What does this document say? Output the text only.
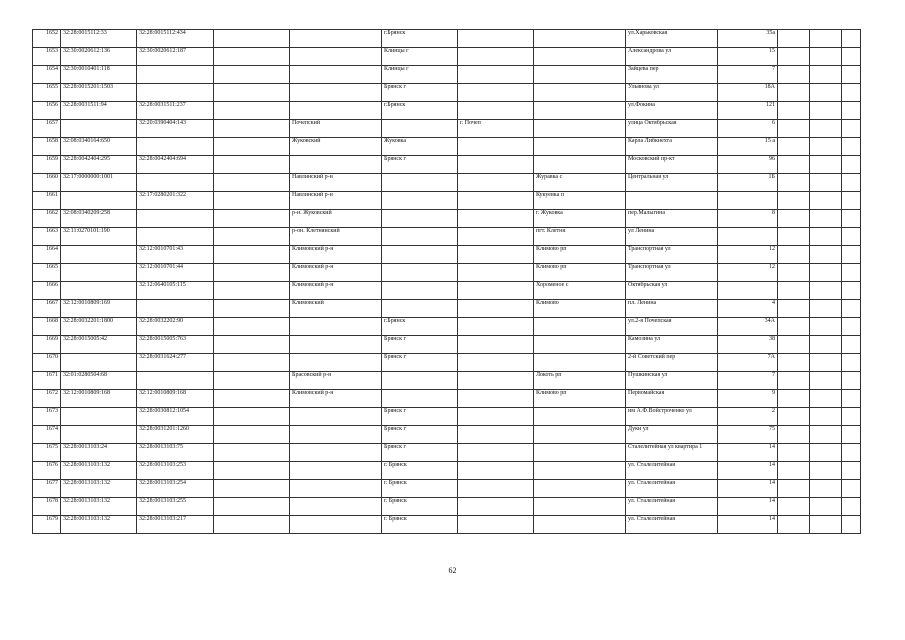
1652	32:28:0015112:33	32:28:0015112:434			г.Брянск			ул.Харьковская	35а			
1653	32:30:0020612:136	32:30:0020612:187			Клинцы г			Александрова ул	15			
1654	32:30:0010401:118				Клинцы г			Зайцева пер	7			
1655	32:28:0015201:1503				Брянск г			Ульянова ул	18А			
1656	32:28:0031511:94	32:28:0031511:237			г.Брянск			ул.Фокина	121			
1657		32:20:0390404:143		Почепский		г. Почеп		улица Октябрьская	6			
1658	32:08:0340164:650			Жуковский	Жуковка			Карла Либкнехта	15 а			
1659	32:28:0042404:295	32:28:0042404:694			Брянск г			Московский пр-кт	96			
1660	32:17:0000000:1001			Навлинский р-н			Журавка с	Центральная ул	1Б			
1661		32:17:0280201:322		Навлинский р-н			Кукуевка п					
1662	32:08:0340209:258			р-н. Жуковский			г. Жуковка	пер.Малыгина	8			
1663	32:11:0270101:190			р-он. Клетнянский			пгт. Клетня	ул Ленина				
1664		32:12:0010701:43		Климовский р-н			Климово рп	Транспортная ул	12			
1665		32:12:0010701:44		Климовский р-н			Климово рп	Транспортная ул	12			
1666		32:12:0640105:115		Климовский р-н			Хороменое с	Октябрьская ул				
1667	32:12:0010809:169			Климовский			Климово	пл. Ленина	4			
1668	32:28:0032201:1800	32:28:0032202:90			г.Брянск			ул.2-я Почепская	34А			
1669	32:28:0015005:42	32:28:0015005:763			Брянск г			Камозина ул	38			
1670		32:28:0031624:277			Брянск г			2-й Советский пер	7А			
1671	32:01:0280504:68			Брасовский р-н			Локоть рп	Пушкинская ул	7			
1672	32:12:0010809:168	32:12:0010809:168		Климовский р-н			Климово рп	Первомайская	9			
1673		32:28:0030812:1054			Брянск г			им А.Ф.Войстроченко ул	2			
1674		32:28:0031201:1260			Брянск г			Дуки ул	75			
1675	32:28:0013103:24	32:28:0013103:75			Брянск г			Сталелитейная ул квартира 1	14			
1676	32:28:0013103:132	32:28:0013103:253			г. Брянск			ул. Сталелитейная	14			
1677	32:28:0013103:132	32:28:0013103:254			г. Брянск			ул. Сталелитейная	14			
1678	32:28:0013103:132	32:28:0013103:255			г. Брянск			ул. Сталелитейная	14			
1679	32:28:0013103:132	32:28:0013103:217			г. Брянск			ул. Сталелитейная	14			
62
